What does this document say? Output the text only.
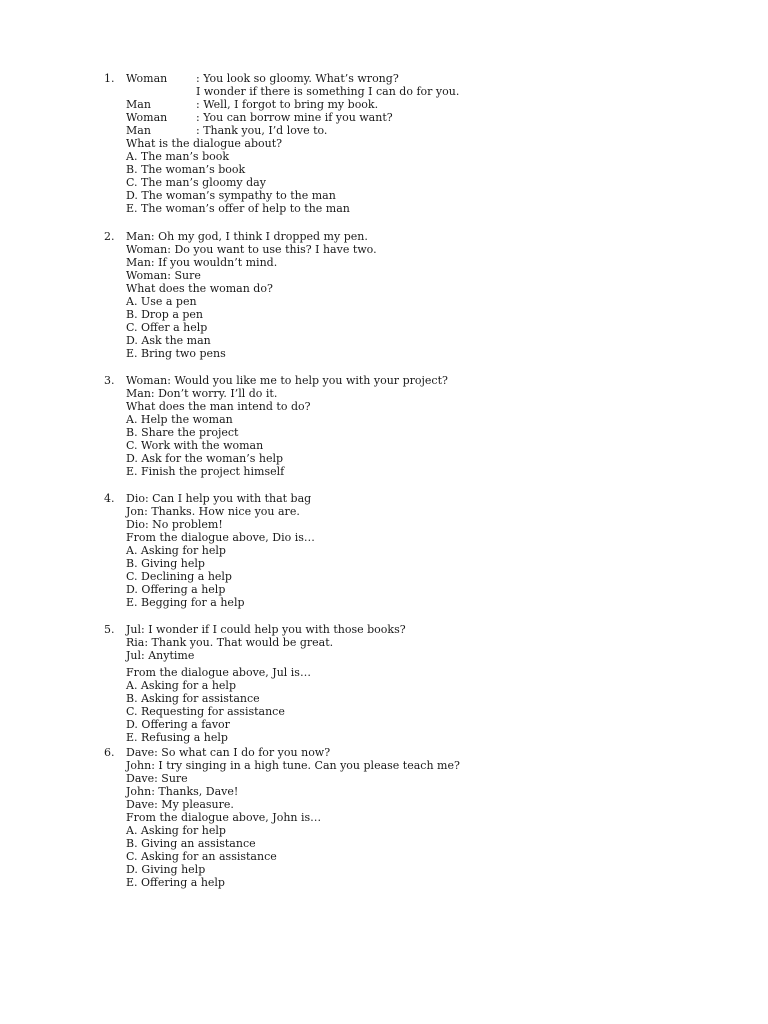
1. Woman	: You look so gloomy. What’s wrong?
I wonder if there is something I can do for you.
Man	: Well, I forgot to bring my book.
Woman	: You can borrow mine if you want?
Man	: Thank you, I’d love to.
What is the dialogue about?
A. The man’s book
B. The woman’s book
C. The man’s gloomy day
D. The woman’s sympathy to the man
E. The woman’s offer of help to the man
2. Man: Oh my god, I think I dropped my pen.
Woman: Do you want to use this? I have two.
Man: If you wouldn’t mind.
Woman: Sure
What does the woman do?
A. Use a pen
B. Drop a pen
C. Offer a help
D. Ask the man
E. Bring two pens
3. Woman: Would you like me to help you with your project?
Man: Don’t worry. I’ll do it.
What does the man intend to do?
A. Help the woman
B. Share the project
C. Work with the woman
D. Ask for the woman’s help
E. Finish the project himself
4. Dio: Can I help you with that bag
Jon: Thanks. How nice you are.
Dio: No problem!
From the dialogue above, Dio is…
A. Asking for help
B. Giving help
C. Declining a help
D. Offering a help
E. Begging for a help
5. Jul: I wonder if I could help you with those books?
Ria: Thank you. That would be great.
Jul: Anytime
From the dialogue above, Jul is…
A. Asking for a help
B. Asking for assistance
C. Requesting for assistance
D. Offering a favor
E. Refusing a help
6. Dave: So what can I do for you now?
John: I try singing in a high tune. Can you please teach me?
Dave: Sure
John: Thanks, Dave!
Dave: My pleasure.
From the dialogue above, John is…
A. Asking for help
B. Giving an assistance
C. Asking for an assistance
D. Giving help
E. Offering a help
